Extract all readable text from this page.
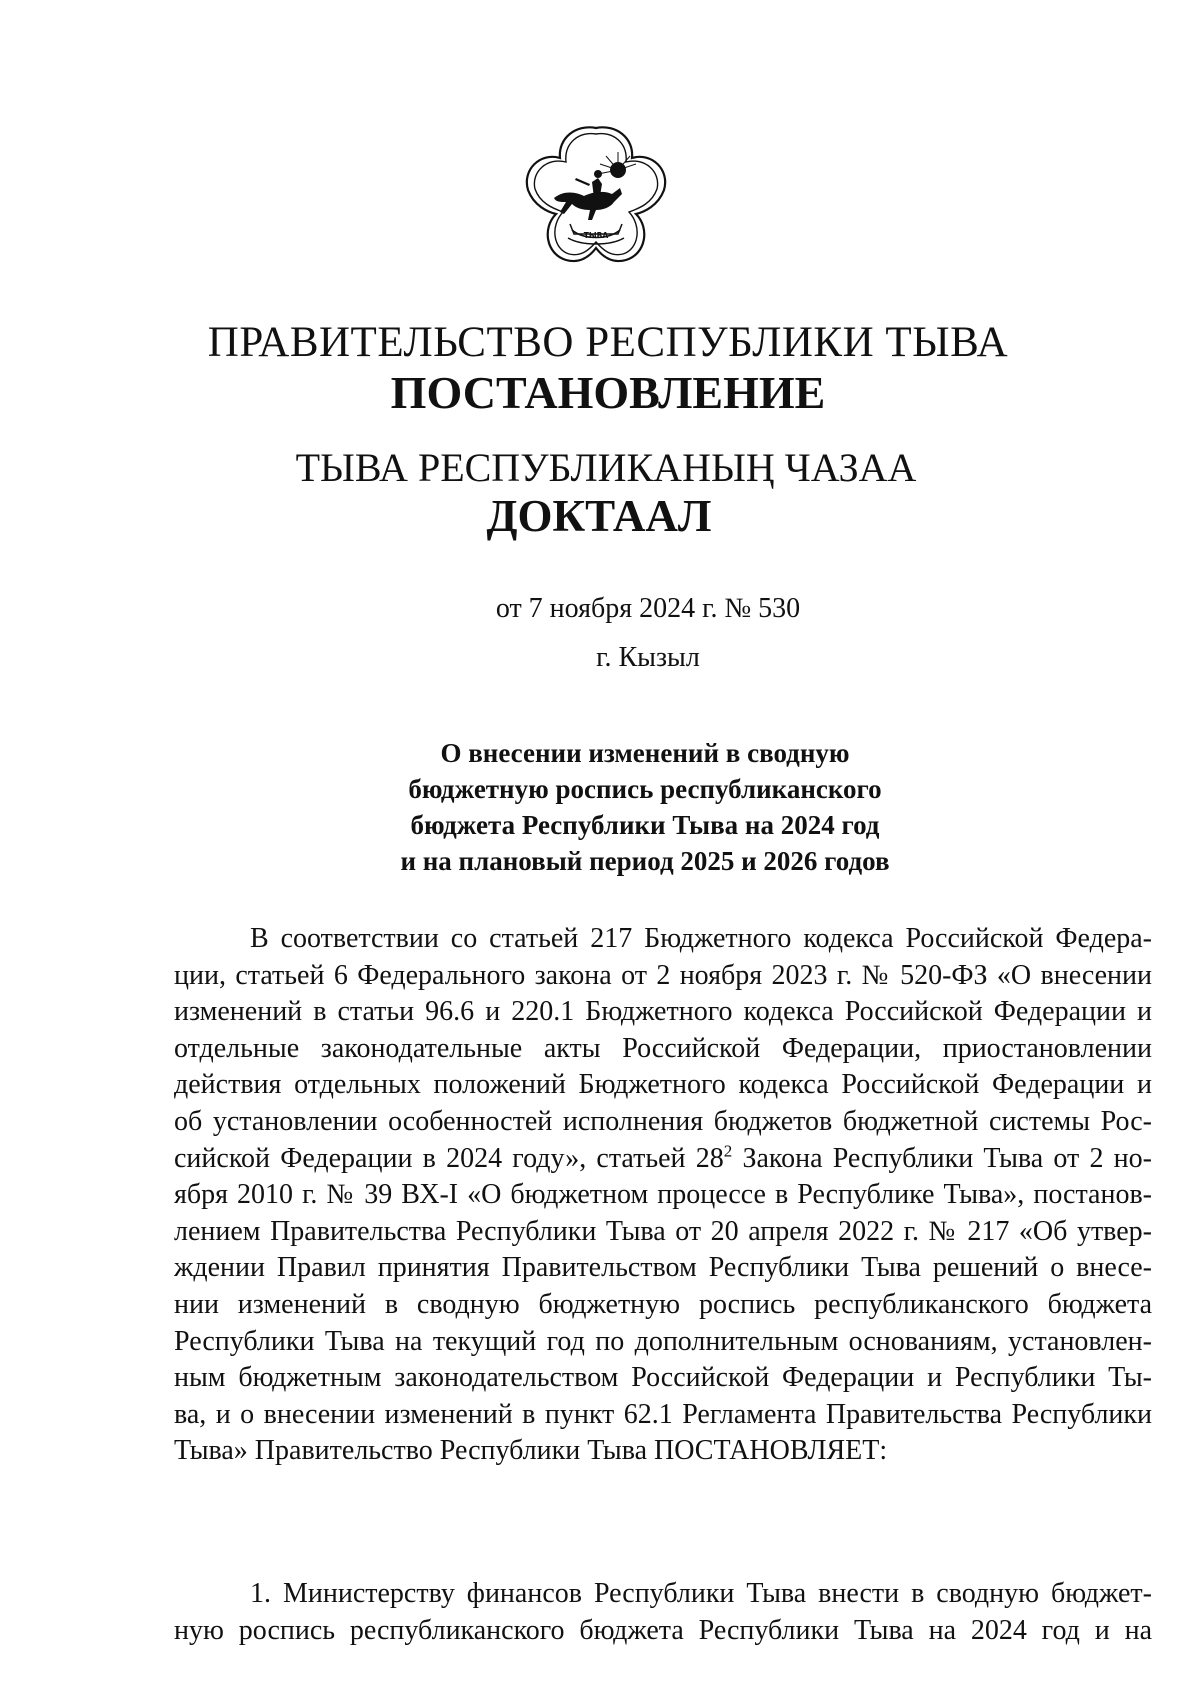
ТЫВА
ПРАВИТЕЛЬСТВО РЕСПУБЛИКИ ТЫВА
ПОСТАНОВЛЕНИЕ
ТЫВА РЕСПУБЛИКАНЫҢ ЧАЗАА
ДОКТААЛ
от 7 ноября 2024 г. № 530
г. Кызыл
О внесении изменений в сводную
бюджетную роспись республиканского
бюджета Республики Тыва на 2024 год
и на плановый период 2025 и 2026 годов
В соответствии со статьей 217 Бюджетного кодекса Российской Федера-
ции, статьей 6 Федерального закона от 2 ноября 2023 г. № 520-ФЗ «О внесении
изменений в статьи 96.6 и 220.1 Бюджетного кодекса Российской Федерации и
отдельные законодательные акты Российской Федерации, приостановлении
действия отдельных положений Бюджетного кодекса Российской Федерации и
об установлении особенностей исполнения бюджетов бюджетной системы Рос-
сийской Федерации в 2024 году», статьей $28^2$ Закона Республики Тыва от 2 но-
ября 2010 г. № 39 ВХ-I «О бюджетном процессе в Республике Тыва», постанов-
лением Правительства Республики Тыва от 20 апреля 2022 г. № 217 «Об утвер-
ждении Правил принятия Правительством Республики Тыва решений о внесе-
нии изменений в сводную бюджетную роспись республиканского бюджета
Республики Тыва на текущий год по дополнительным основаниям, установлен-
ным бюджетным законодательством Российской Федерации и Республики Ты-
ва, и о внесении изменений в пункт 62.1 Регламента Правительства Республики
Тыва» Правительство Республики Тыва ПОСТАНОВЛЯЕТ:
1. Министерству финансов Республики Тыва внести в сводную бюджет-
ную роспись республиканского бюджета Республики Тыва на 2024 год и на
